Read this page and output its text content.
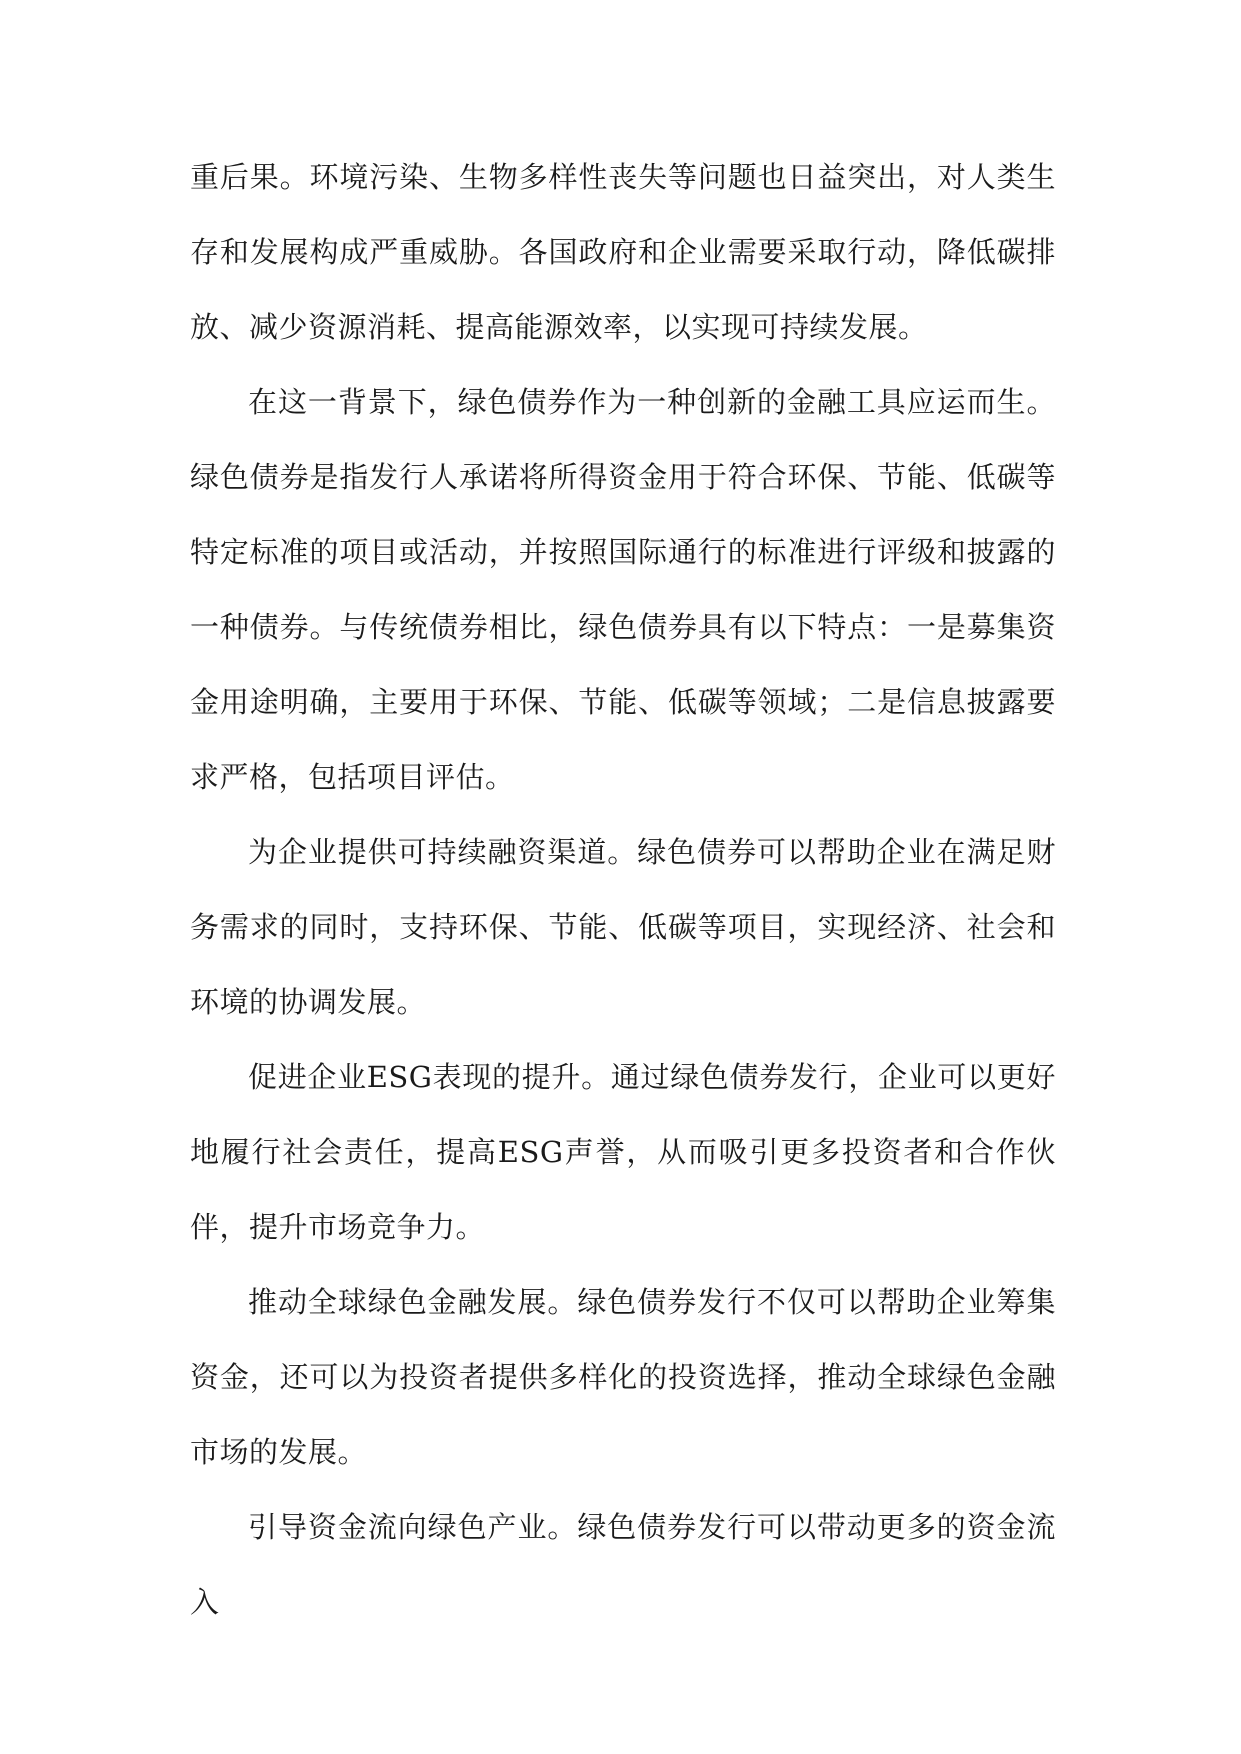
重后果。环境污染、生物多样性丧失等问题也日益突出，对人类生存和发展构成严重威胁。各国政府和企业需要采取行动，降低碳排放、减少资源消耗、提高能源效率，以实现可持续发展。

在这一背景下，绿色债券作为一种创新的金融工具应运而生。绿色债券是指发行人承诺将所得资金用于符合环保、节能、低碳等特定标准的项目或活动，并按照国际通行的标准进行评级和披露的一种债券。与传统债券相比，绿色债券具有以下特点：一是募集资金用途明确，主要用于环保、节能、低碳等领域；二是信息披露要求严格，包括项目评估。

为企业提供可持续融资渠道。绿色债券可以帮助企业在满足财务需求的同时，支持环保、节能、低碳等项目，实现经济、社会和环境的协调发展。

促进企业ESG表现的提升。通过绿色债券发行，企业可以更好地履行社会责任，提高ESG声誉，从而吸引更多投资者和合作伙伴，提升市场竞争力。

推动全球绿色金融发展。绿色债券发行不仅可以帮助企业筹集资金，还可以为投资者提供多样化的投资选择，推动全球绿色金融市场的发展。

引导资金流向绿色产业。绿色债券发行可以带动更多的资金流入
